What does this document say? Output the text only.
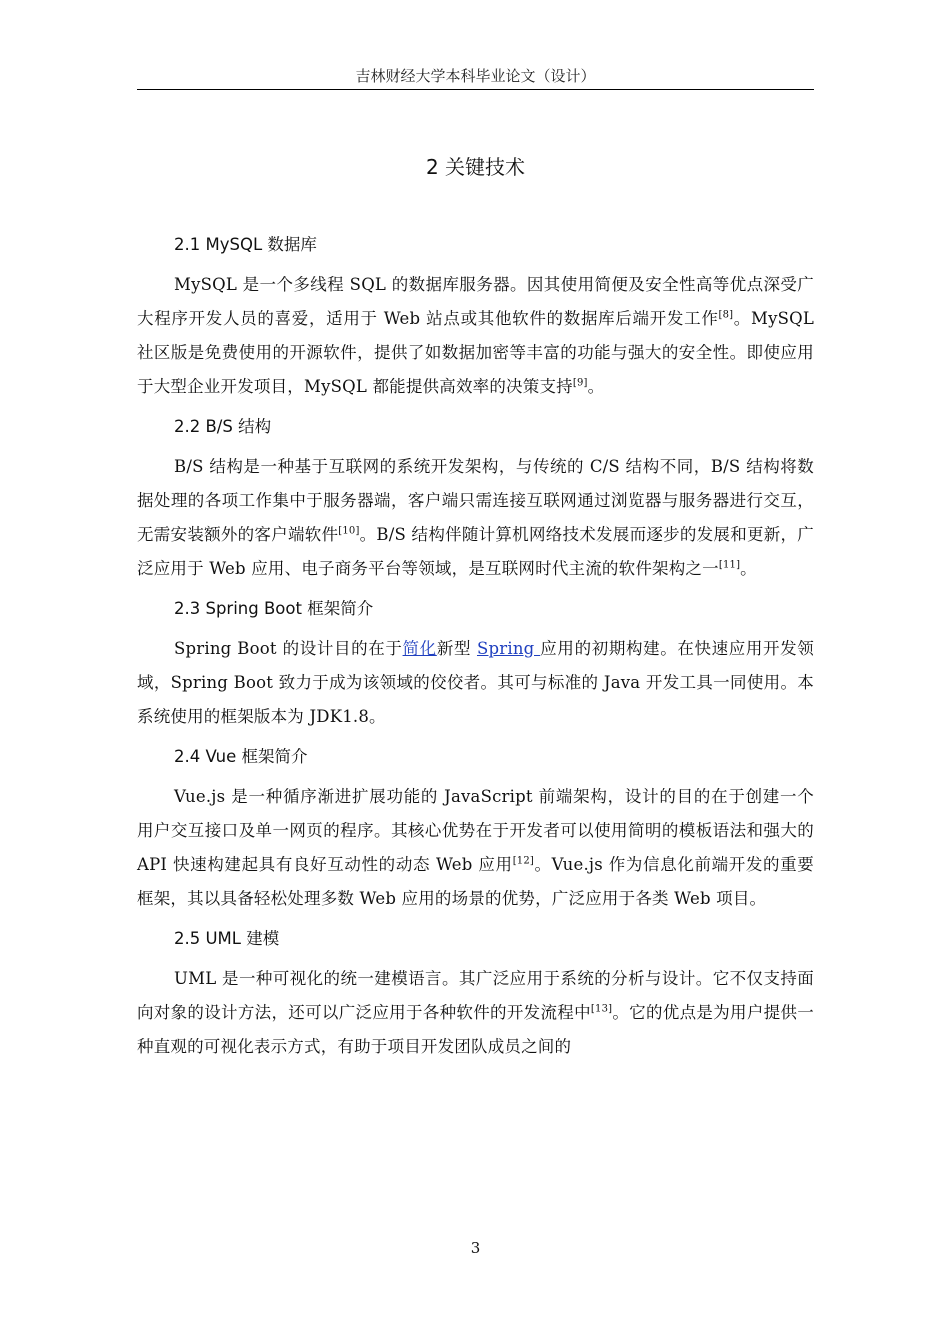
吉林财经大学本科毕业论文（设计）
2 关键技术
2.1 MySQL 数据库

MySQL 是一个多线程 SQL 的数据库服务器。因其使用简便及安全性高等优点深受广大程序开发人员的喜爱，适用于 Web 站点或其他软件的数据库后端开发工作[8]。MySQL 社区版是免费使用的开源软件，提供了如数据加密等丰富的功能与强大的安全性。即使应用于大型企业开发项目，MySQL 都能提供高效率的决策支持[9]。

2.2 B/S 结构

B/S 结构是一种基于互联网的系统开发架构，与传统的 C/S 结构不同，B/S 结构将数据处理的各项工作集中于服务器端，客户端只需连接互联网通过浏览器与服务器进行交互，无需安装额外的客户端软件[10]。B/S 结构伴随计算机网络技术发展而逐步的发展和更新，广泛应用于 Web 应用、电子商务平台等领域，是互联网时代主流的软件架构之一[11]。

2.3 Spring Boot 框架简介

Spring Boot 的设计目的在于简化新型 Spring 应用的初期构建。在快速应用开发领域，Spring Boot 致力于成为该领域的佼佼者。其可与标准的 Java 开发工具一同使用。本系统使用的框架版本为 JDK1.8。

2.4 Vue 框架简介

Vue.js 是一种循序渐进扩展功能的 JavaScript 前端架构，设计的目的在于创建一个用户交互接口及单一网页的程序。其核心优势在于开发者可以使用简明的模板语法和强大的 API 快速构建起具有良好互动性的动态 Web 应用[12]。Vue.js 作为信息化前端开发的重要框架，其以具备轻松处理多数 Web 应用的场景的优势，广泛应用于各类 Web 项目。

2.5 UML 建模

UML 是一种可视化的统一建模语言。其广泛应用于系统的分析与设计。它不仅支持面向对象的设计方法，还可以广泛应用于各种软件的开发流程中[13]。它的优点是为用户提供一种直观的可视化表示方式，有助于项目开发团队成员之间的

3
